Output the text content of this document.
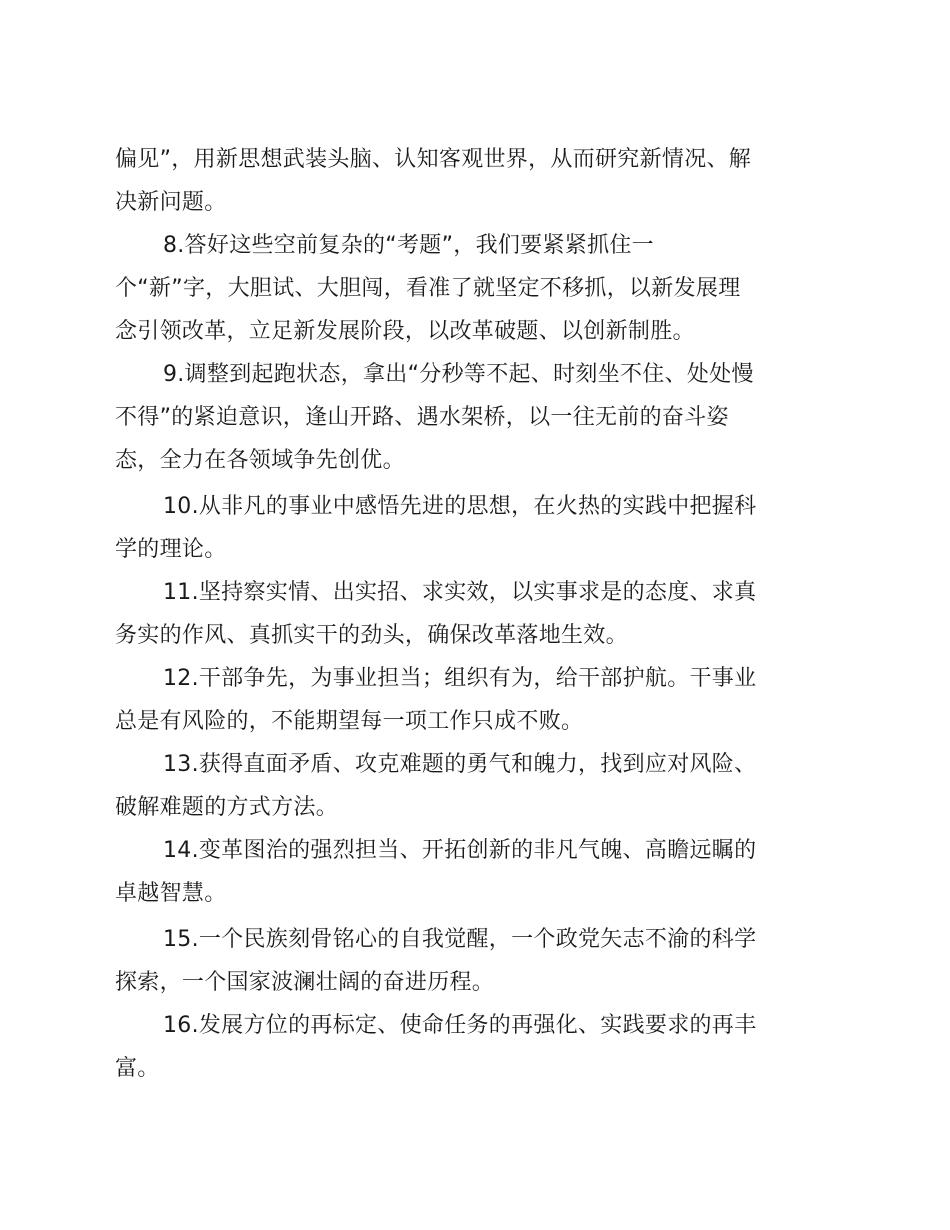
偏见”，用新思想武装头脑、认知客观世界，从而研究新情况、解
决新问题。
8.答好这些空前复杂的“考题”，我们要紧紧抓住一
个“新”字，大胆试、大胆闯，看准了就坚定不移抓，以新发展理
念引领改革，立足新发展阶段，以改革破题、以创新制胜。
9.调整到起跑状态，拿出“分秒等不起、时刻坐不住、处处慢
不得”的紧迫意识，逢山开路、遇水架桥，以一往无前的奋斗姿
态，全力在各领域争先创优。
10.从非凡的事业中感悟先进的思想，在火热的实践中把握科
学的理论。
11.坚持察实情、出实招、求实效，以实事求是的态度、求真
务实的作风、真抓实干的劲头，确保改革落地生效。
12.干部争先，为事业担当；组织有为，给干部护航。干事业
总是有风险的，不能期望每一项工作只成不败。
13.获得直面矛盾、攻克难题的勇气和魄力，找到应对风险、
破解难题的方式方法。
14.变革图治的强烈担当、开拓创新的非凡气魄、高瞻远瞩的
卓越智慧。
15.一个民族刻骨铭心的自我觉醒，一个政党矢志不渝的科学
探索，一个国家波澜壮阔的奋进历程。
16.发展方位的再标定、使命任务的再强化、实践要求的再丰
富。
